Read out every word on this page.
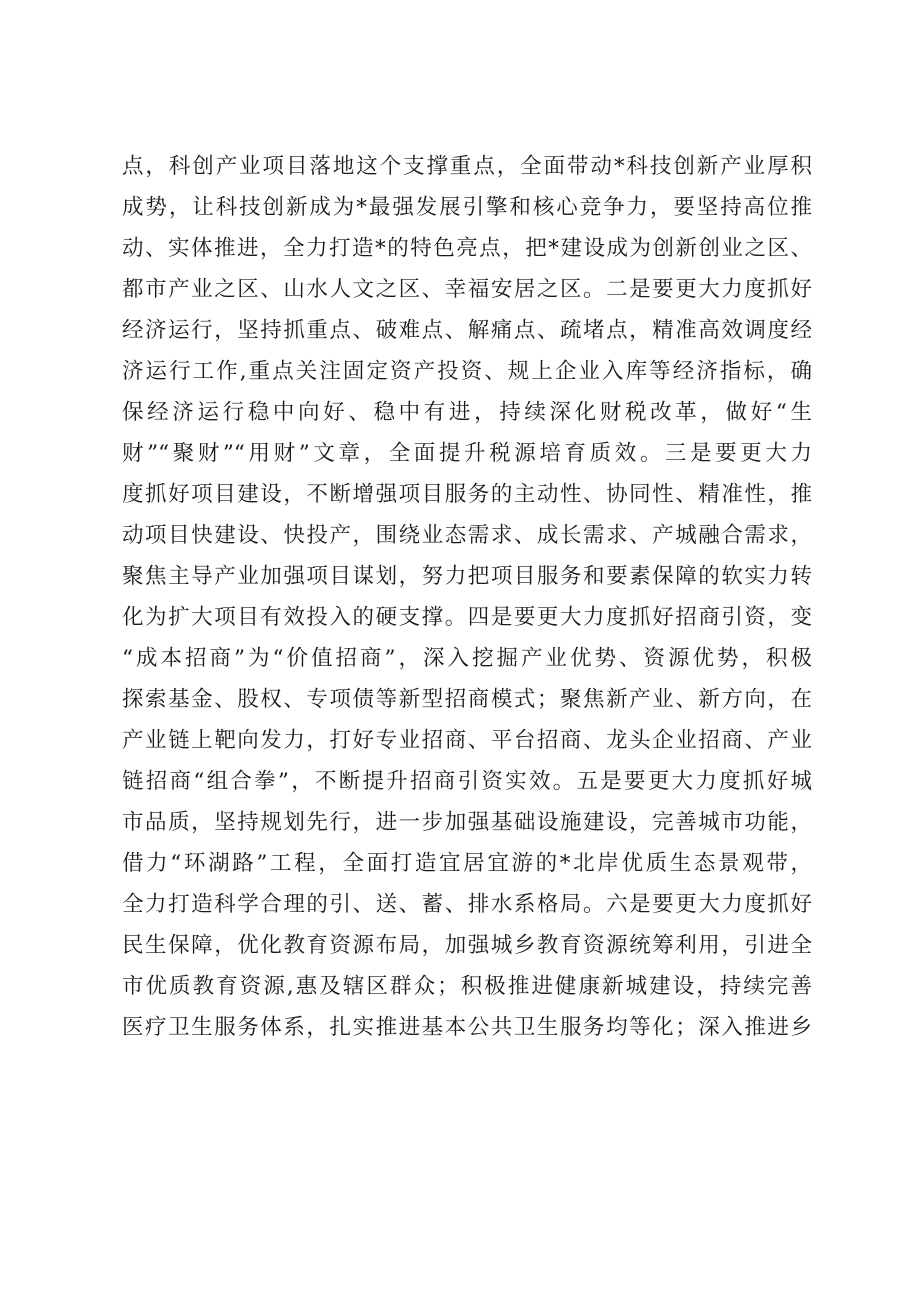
点，科创产业项目落地这个支撑重点，全面带动*科技创新产业厚积
成势，让科技创新成为*最强发展引擎和核心竞争力，要坚持高位推
动、实体推进，全力打造*的特色亮点，把*建设成为创新创业之区、
都市产业之区、山水人文之区、幸福安居之区。二是要更大力度抓好
经济运行，坚持抓重点、破难点、解痛点、疏堵点，精准高效调度经
济运行工作,重点关注固定资产投资、规上企业入库等经济指标，确
保经济运行稳中向好、稳中有进，持续深化财税改革，做好“生
财”“聚财”“用财”文章，全面提升税源培育质效。三是要更大力
度抓好项目建设，不断增强项目服务的主动性、协同性、精准性，推
动项目快建设、快投产，围绕业态需求、成长需求、产城融合需求，
聚焦主导产业加强项目谋划，努力把项目服务和要素保障的软实力转
化为扩大项目有效投入的硬支撑。四是要更大力度抓好招商引资，变
“成本招商”为“价值招商”，深入挖掘产业优势、资源优势，积极
探索基金、股权、专项债等新型招商模式；聚焦新产业、新方向，在
产业链上靶向发力，打好专业招商、平台招商、龙头企业招商、产业
链招商“组合拳”，不断提升招商引资实效。五是要更大力度抓好城
市品质，坚持规划先行，进一步加强基础设施建设，完善城市功能，
借力“环湖路”工程，全面打造宜居宜游的*北岸优质生态景观带，
全力打造科学合理的引、送、蓄、排水系格局。六是要更大力度抓好
民生保障，优化教育资源布局，加强城乡教育资源统筹利用，引进全
市优质教育资源,惠及辖区群众；积极推进健康新城建设，持续完善
医疗卫生服务体系，扎实推进基本公共卫生服务均等化；深入推进乡
